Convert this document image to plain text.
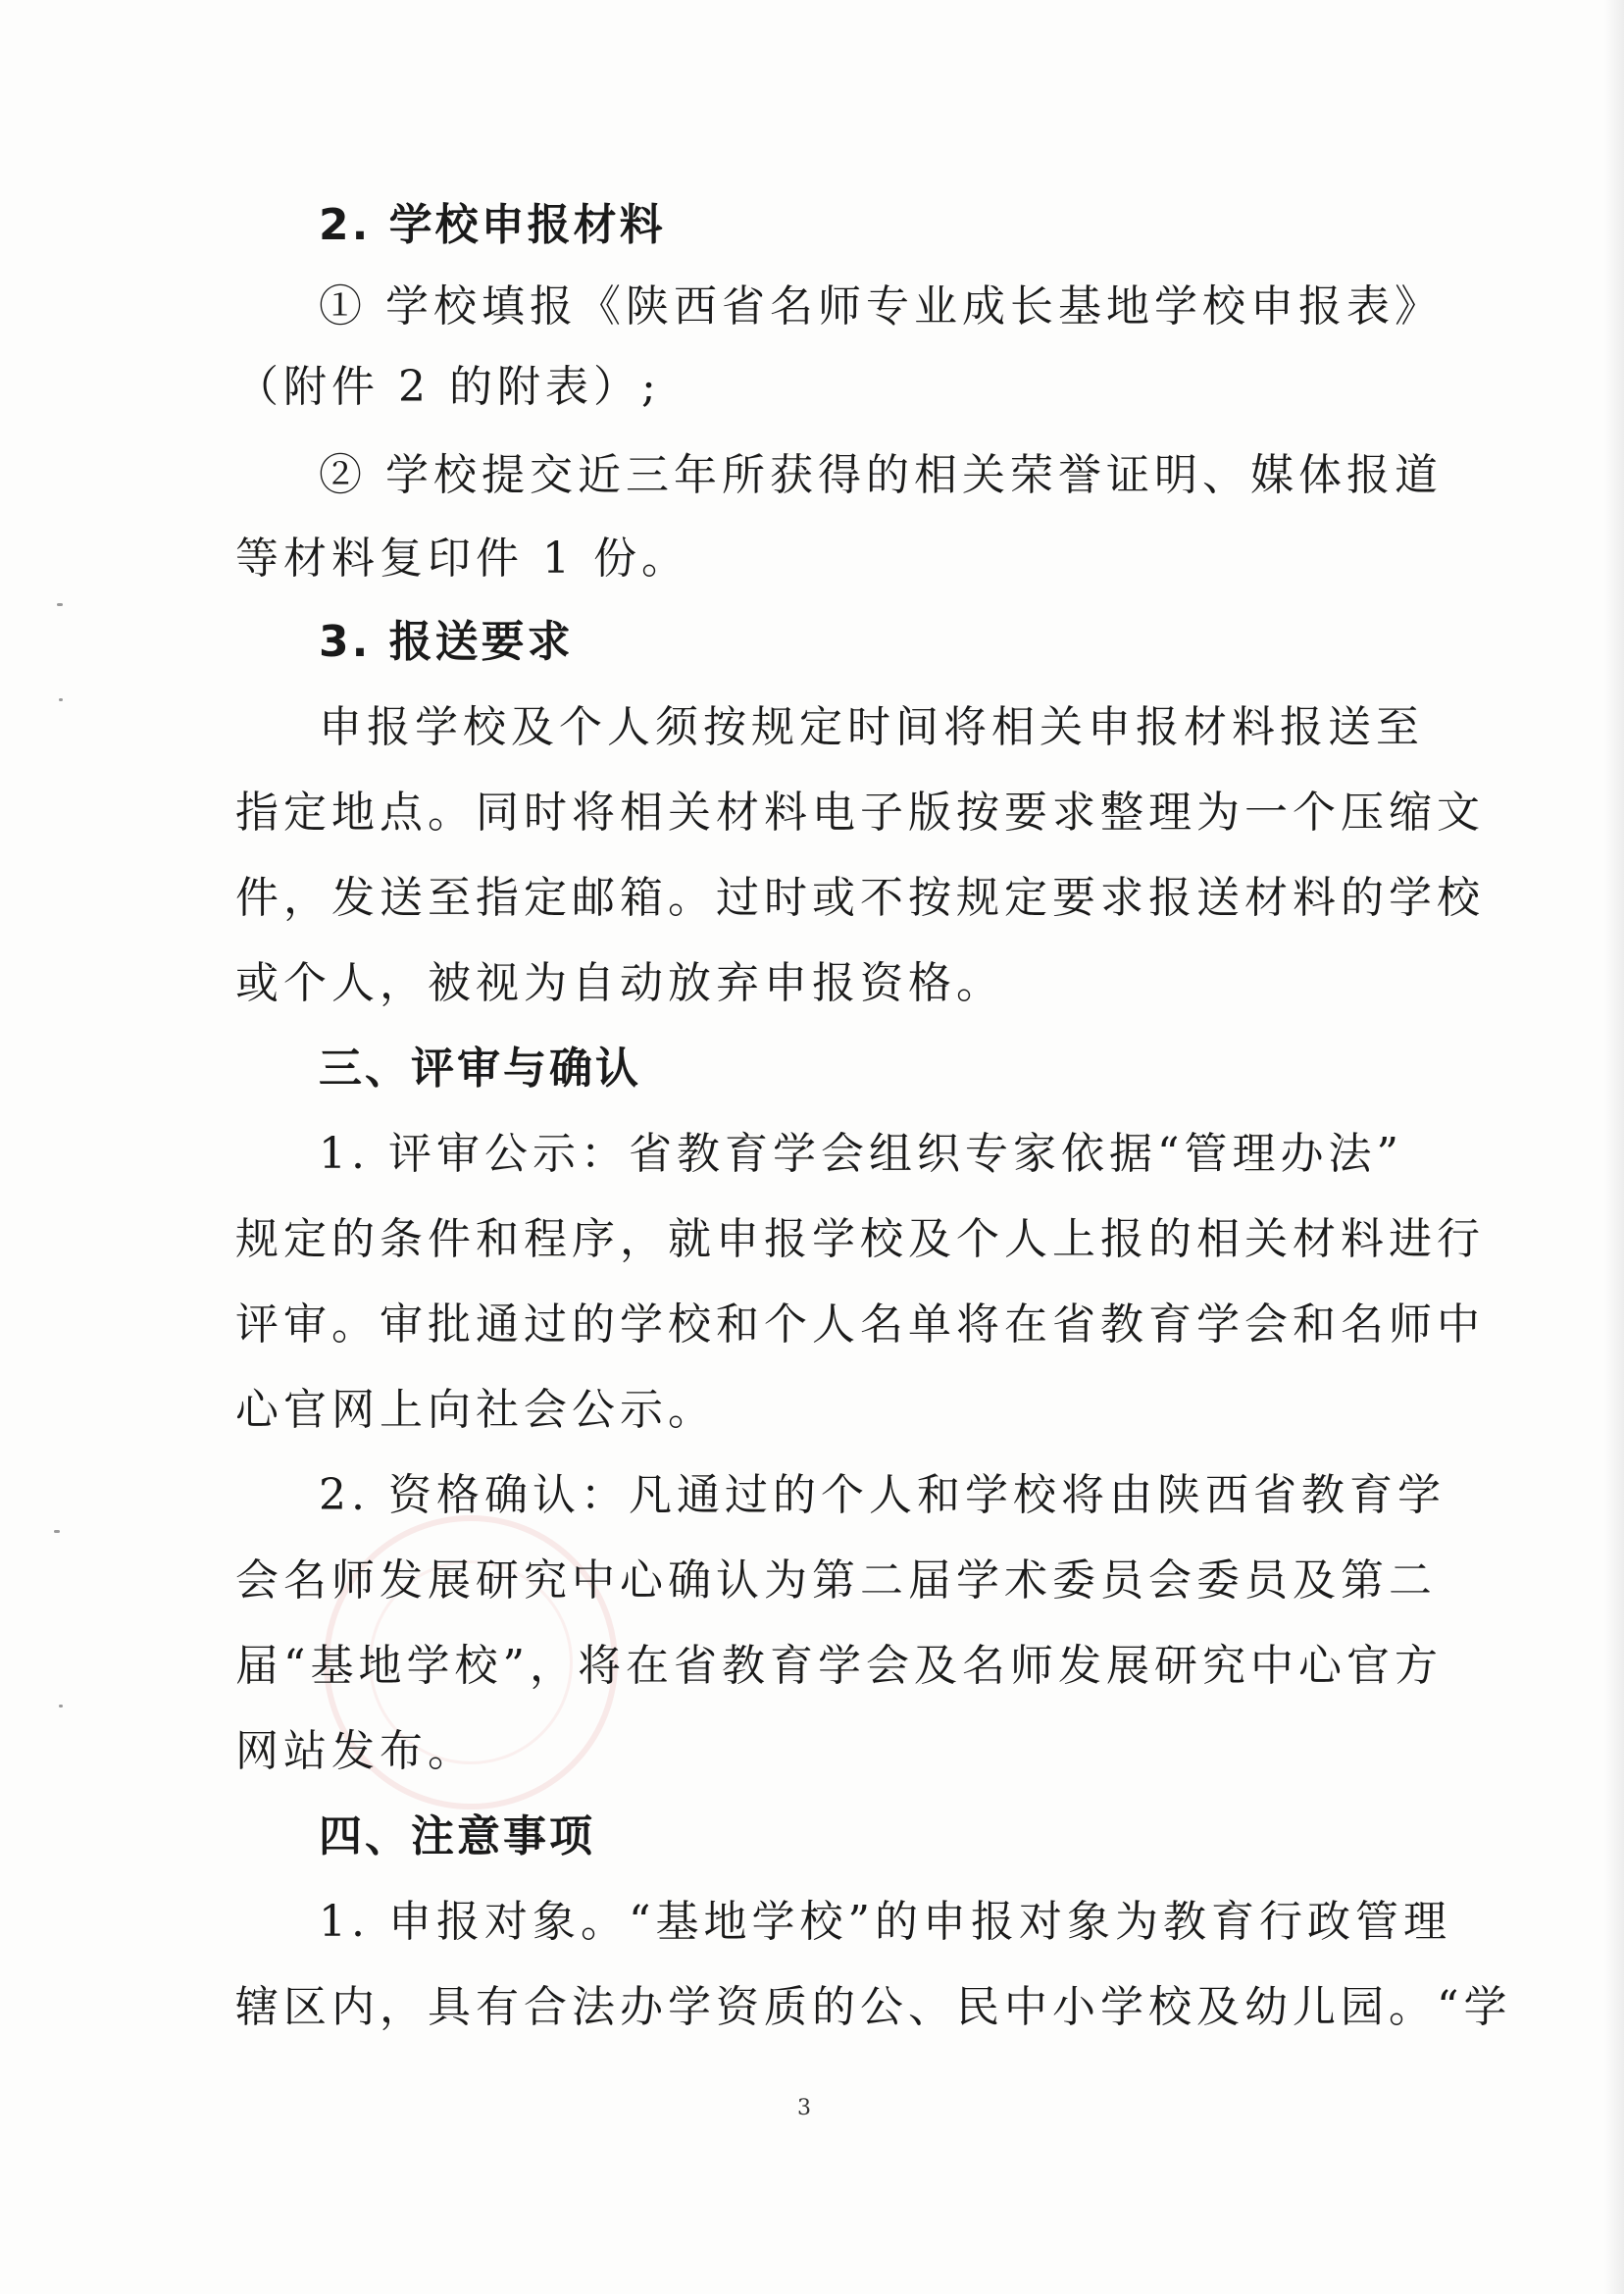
2. 学校申报材料
① 学校填报《陕西省名师专业成长基地学校申报表》
（附件 2 的附表）;
② 学校提交近三年所获得的相关荣誉证明、媒体报道
等材料复印件 1 份。
3. 报送要求
申报学校及个人须按规定时间将相关申报材料报送至
指定地点。同时将相关材料电子版按要求整理为一个压缩文
件，发送至指定邮箱。过时或不按规定要求报送材料的学校
或个人，被视为自动放弃申报资格。
三、评审与确认
1. 评审公示：省教育学会组织专家依据“管理办法”
规定的条件和程序，就申报学校及个人上报的相关材料进行
评审。审批通过的学校和个人名单将在省教育学会和名师中
心官网上向社会公示。
2. 资格确认：凡通过的个人和学校将由陕西省教育学
会名师发展研究中心确认为第二届学术委员会委员及第二
届“基地学校”，将在省教育学会及名师发展研究中心官方
网站发布。
四、注意事项
1. 申报对象。“基地学校”的申报对象为教育行政管理
辖区内，具有合法办学资质的公、民中小学校及幼儿园。“学
3
